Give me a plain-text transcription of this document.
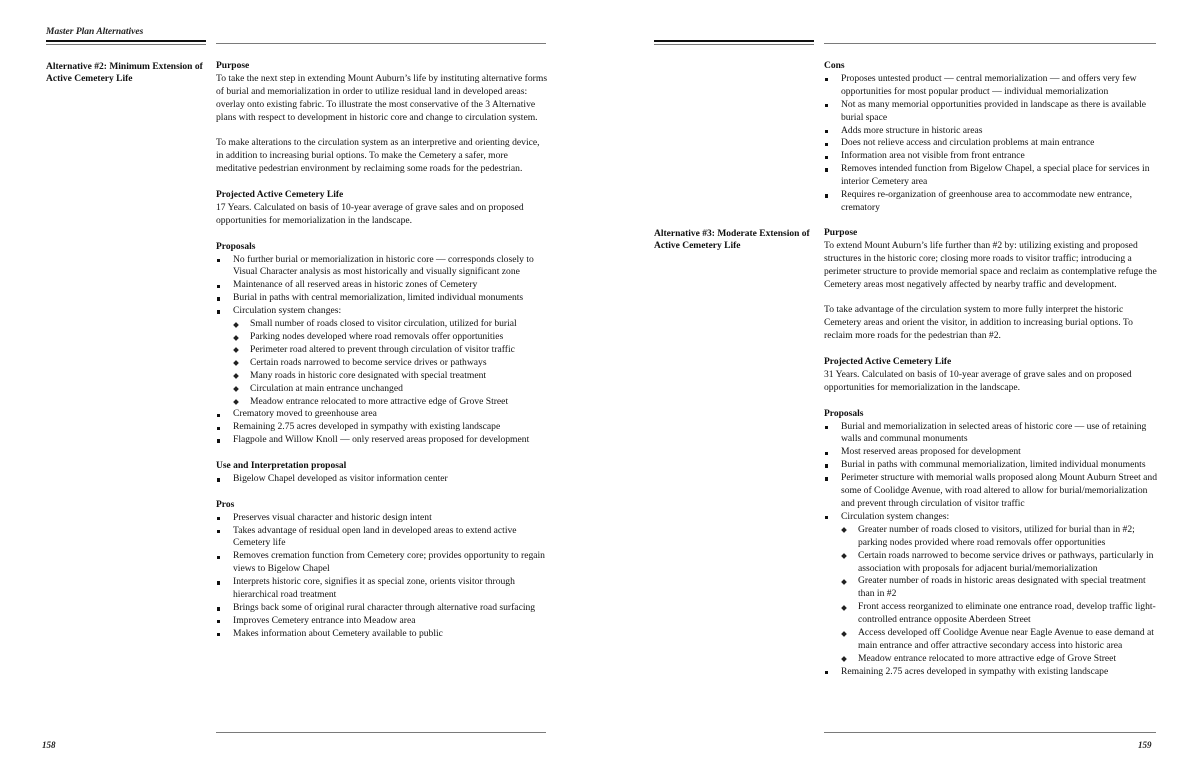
Master Plan Alternatives
Alternative #2: Minimum Extension of Active Cemetery Life
Purpose

To take the next step in extending Mount Auburn’s life by instituting alternative forms of burial and memorialization in order to utilize residual land in developed areas: overlay onto existing fabric. To illustrate the most conservative of the 3 Alternative plans with respect to development in historic core and change to circulation system.

To make alterations to the circulation system as an interpretive and orienting device, in addition to increasing burial options. To make the Cemetery a safer, more meditative pedestrian environment by reclaiming some roads for the pedestrian.

Projected Active Cemetery Life
17 Years. Calculated on basis of 10-year average of grave sales and on proposed opportunities for memorialization in the landscape.
Proposals
No further burial or memorialization in historic core — corresponds closely to Visual Character analysis as most historically and visually significant zone
Maintenance of all reserved areas in historic zones of Cemetery
Burial in paths with central memorialization, limited individual monuments
Circulation system changes:
Small number of roads closed to visitor circulation, utilized for burial
Parking nodes developed where road removals offer opportunities
Perimeter road altered to prevent through circulation of visitor traffic
Certain roads narrowed to become service drives or pathways
Many roads in historic core designated with special treatment
Circulation at main entrance unchanged
Meadow entrance relocated to more attractive edge of Grove Street
Crematory moved to greenhouse area
Remaining 2.75 acres developed in sympathy with existing landscape
Flagpole and Willow Knoll — only reserved areas proposed for development
Use and Interpretation proposal
Bigelow Chapel developed as visitor information center
Pros
Preserves visual character and historic design intent
Takes advantage of residual open land in developed areas to extend active Cemetery life
Removes cremation function from Cemetery core; provides opportunity to regain views to Bigelow Chapel
Interprets historic core, signifies it as special zone, orients visitor through hierarchical road treatment
Brings back some of original rural character through alternative road surfacing
Improves Cemetery entrance into Meadow area
Makes information about Cemetery available to public
158
Cons
Proposes untested product — central memorialization — and offers very few opportunities for most popular product — individual memorialization
Not as many memorial opportunities provided in landscape as there is available burial space
Adds more structure in historic areas
Does not relieve access and circulation problems at main entrance
Information area not visible from front entrance
Removes intended function from Bigelow Chapel, a special place for services in interior Cemetery area
Requires re-organization of greenhouse area to accommodate new entrance, crematory
Alternative #3: Moderate Extension of Active Cemetery Life
Purpose

To extend Mount Auburn’s life further than #2 by: utilizing existing and proposed structures in the historic core; closing more roads to visitor traffic; introducing a perimeter structure to provide memorial space and reclaim as contemplative refuge the Cemetery areas most negatively affected by nearby traffic and development.

To take advantage of the circulation system to more fully interpret the historic Cemetery areas and orient the visitor, in addition to increasing burial options. To reclaim more roads for the pedestrian than #2.

Projected Active Cemetery Life
31 Years. Calculated on basis of 10-year average of grave sales and on proposed opportunities for memorialization in the landscape.
Proposals
Burial and memorialization in selected areas of historic core — use of retaining walls and communal monuments
Most reserved areas proposed for development
Burial in paths with communal memorialization, limited individual monuments
Perimeter structure with memorial walls proposed along Mount Auburn Street and some of Coolidge Avenue, with road altered to allow for burial/memorialization and prevent through circulation of visitor traffic
Circulation system changes:
Greater number of roads closed to visitors, utilized for burial than in #2; parking nodes provided where road removals offer opportunities
Certain roads narrowed to become service drives or pathways, particularly in association with proposals for adjacent burial/memorialization
Greater number of roads in historic areas designated with special treatment than in #2
Front access reorganized to eliminate one entrance road, develop traffic light-controlled entrance opposite Aberdeen Street
Access developed off Coolidge Avenue near Eagle Avenue to ease demand at main entrance and offer attractive secondary access into historic area
Meadow entrance relocated to more attractive edge of Grove Street
Remaining 2.75 acres developed in sympathy with existing landscape
159
